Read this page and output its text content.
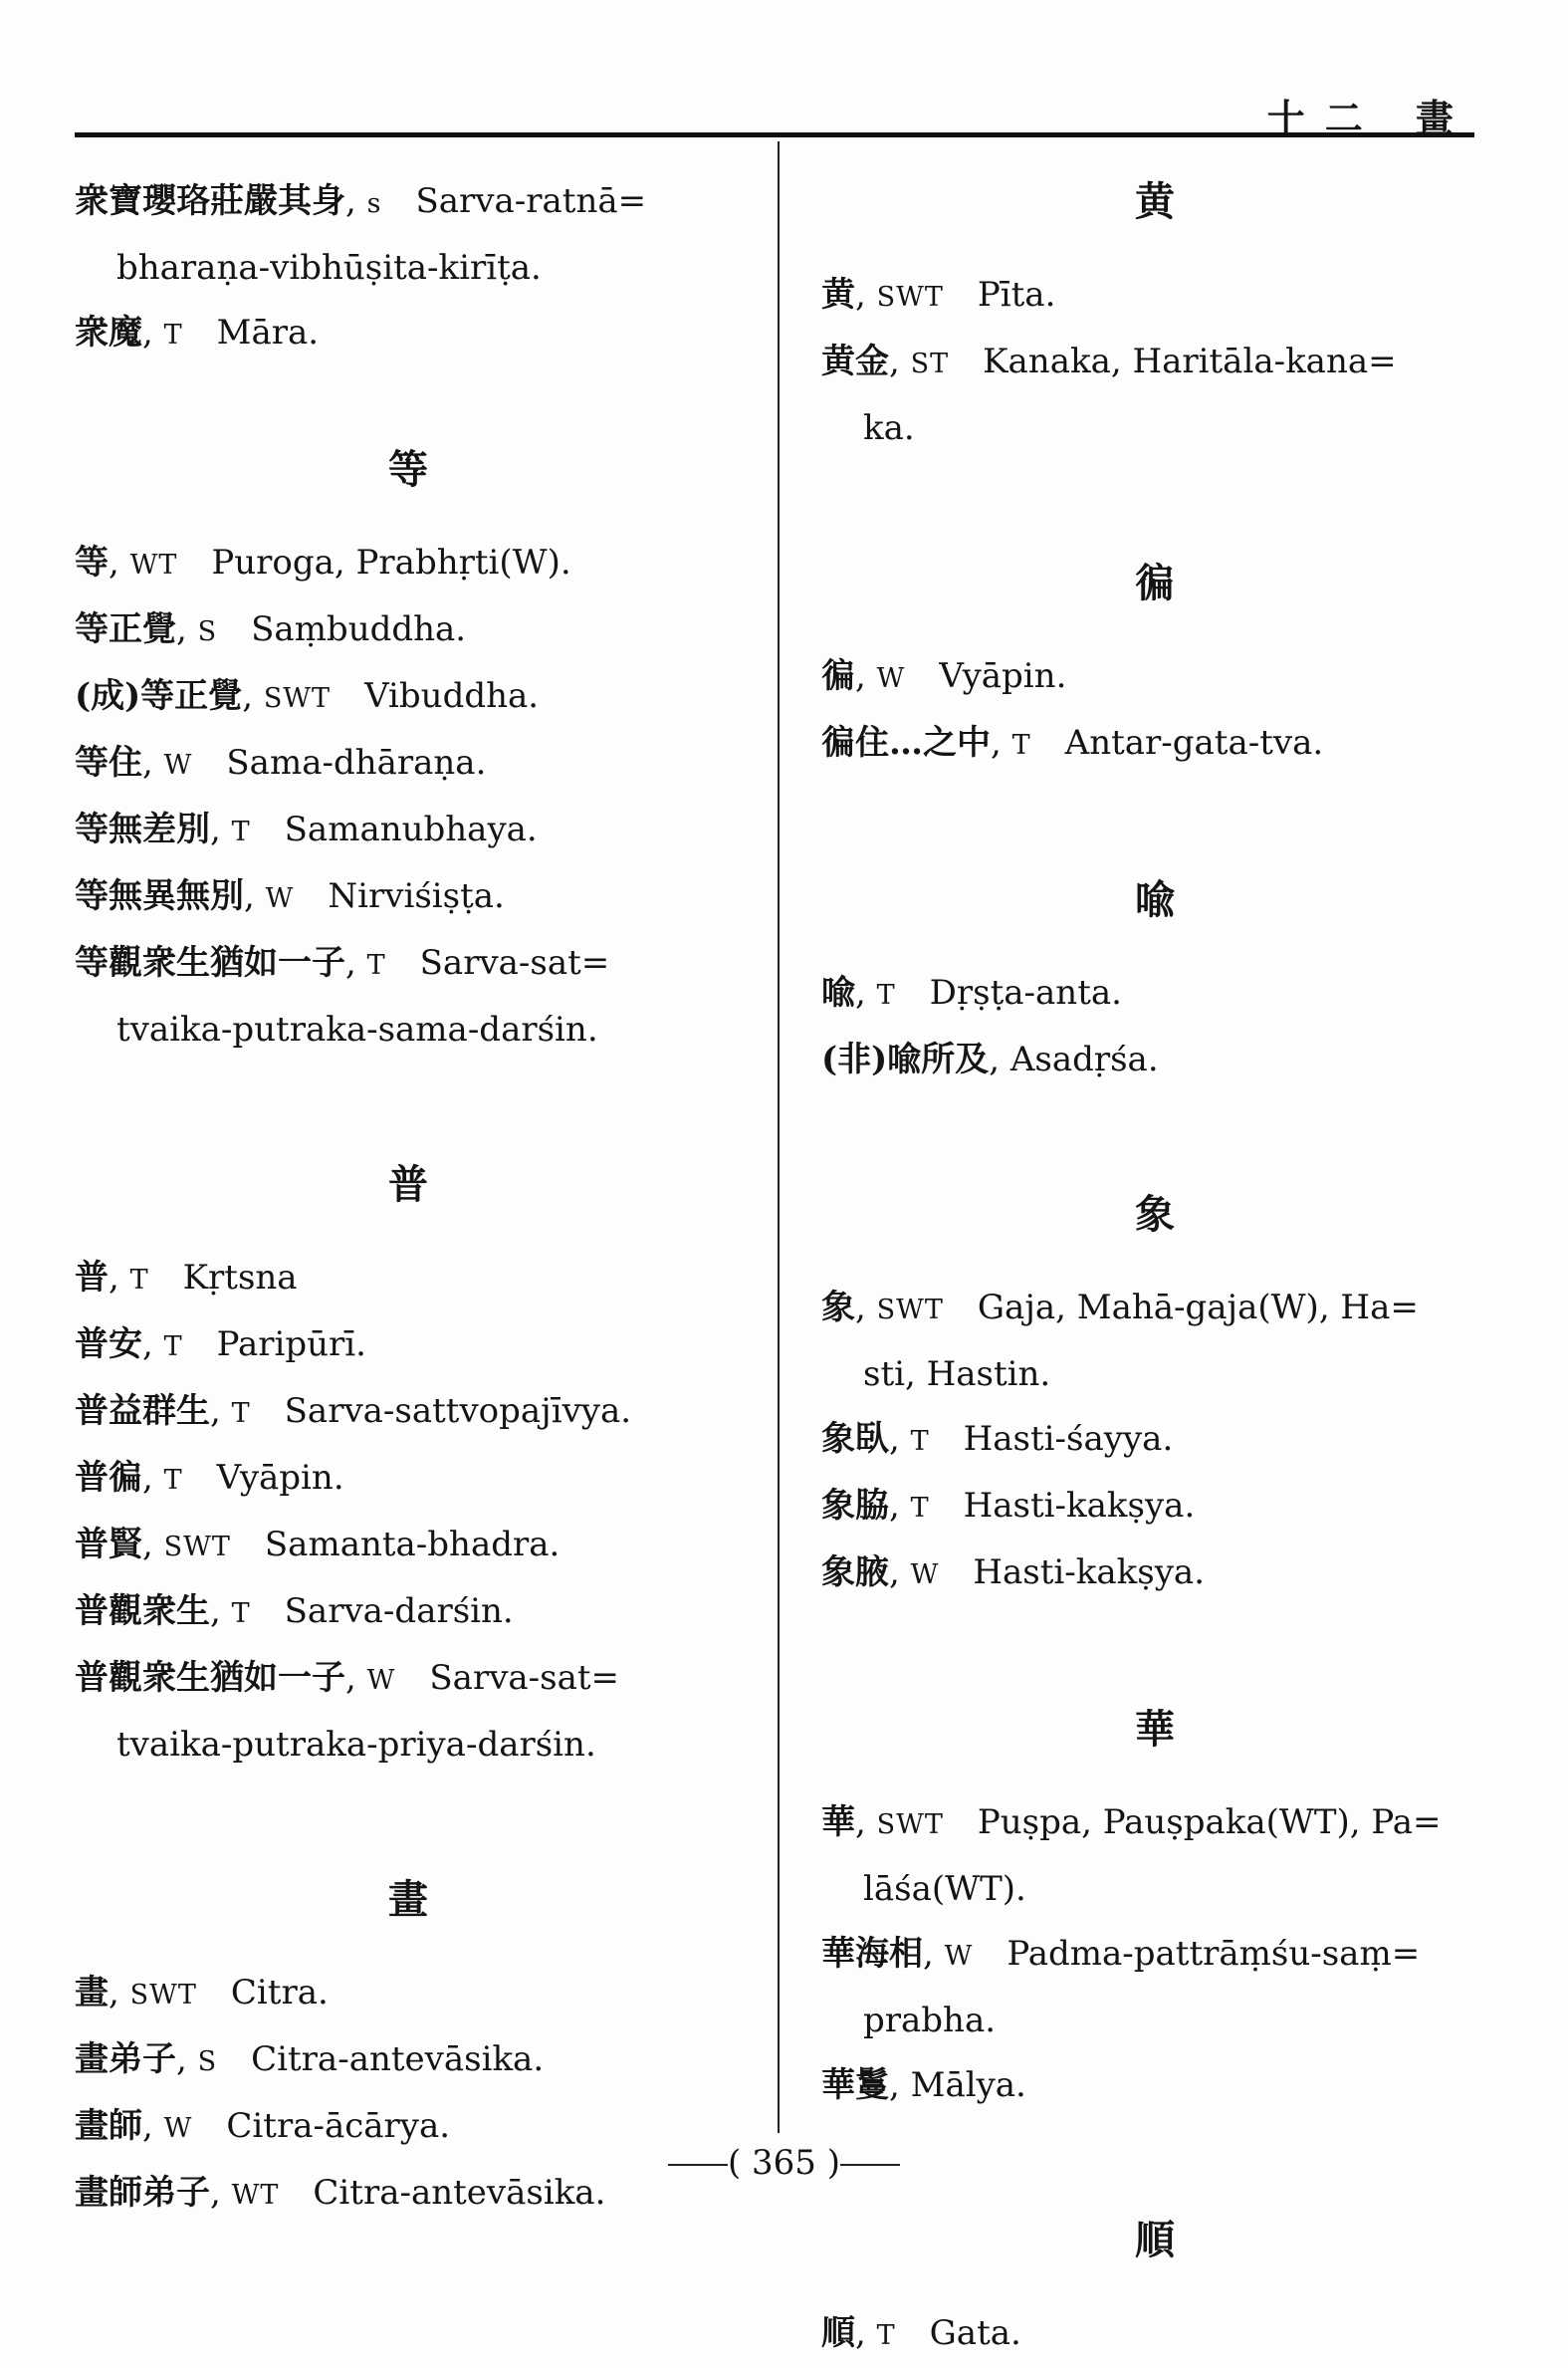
十二 畫
衆寶瓔珞莊嚴其身, s Sarva-ratnā=
bharaṇa-vibhūṣita-kirīṭa.
衆魔, T Māra.
等
等, WT Puroga, Prabhṛti(W).
等正覺, S Saṃbuddha.
(成)等正覺, SWT Vibuddha.
等住, W Sama-dhāraṇa.
等無差別, T Samanubhaya.
等無異無別, W Nirviśiṣṭa.
等觀衆生猶如一子, T Sarva-sat=
tvaika-putraka-sama-darśin.
普
普, T Kṛtsna
普安, T Paripūrī.
普益群生, T Sarva-sattvopajīvya.
普徧, T Vyāpin.
普賢, SWT Samanta-bhadra.
普觀衆生, T Sarva-darśin.
普觀衆生猶如一子, W Sarva-sat=
tvaika-putraka-priya-darśin.
畫
畫, SWT Citra.
畫弟子, S Citra-antevāsika.
畫師, W Citra-ācārya.
畫師弟子, WT Citra-antevāsika.
黄
黄, SWT Pīta.
黄金, ST Kanaka, Haritāla-kana=
ka.
徧
徧, W Vyāpin.
徧住…之中, T Antar-gata-tva.
喩
喩, T Dṛṣṭa-anta.
(非)喩所及, Asadṛśa.
象
象, SWT Gaja, Mahā-gaja(W), Ha=
sti, Hastin.
象臥, T Hasti-śayya.
象脇, T Hasti-kakṣya.
象腋, W Hasti-kakṣya.
華
華, SWT Puṣpa, Pauṣpaka(WT), Pa=
lāśa(WT).
華海相, W Padma-pattrāṃśu-saṃ=
prabha.
華鬘, Mālya.
順
順, T Gata.
( 365 )
